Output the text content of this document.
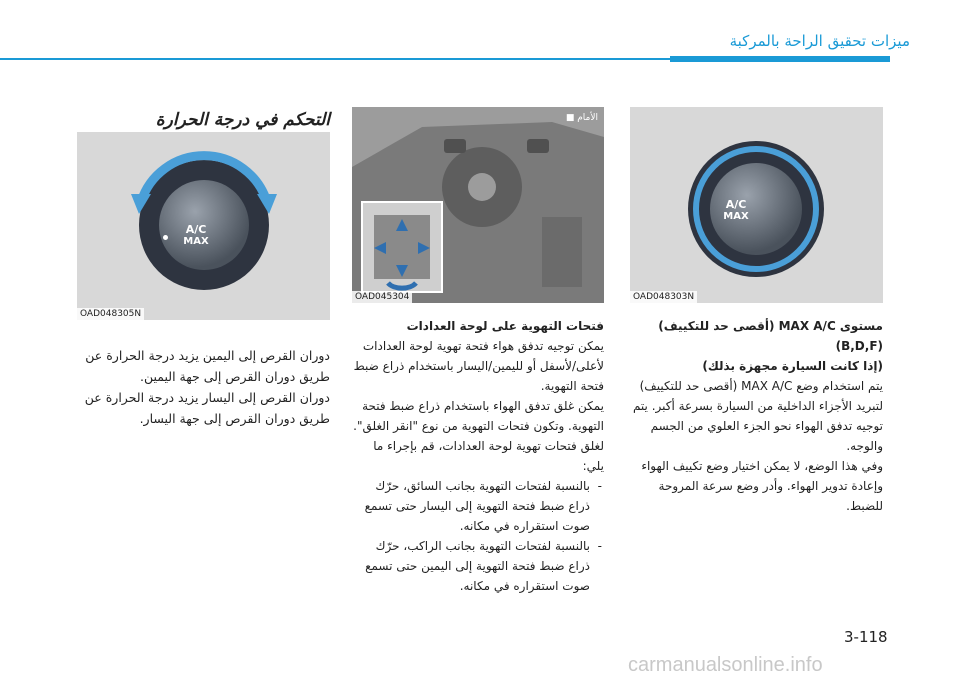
ميزات تحقيق الراحة بالمركبة
التحكم في درجة الحرارة
A/C
MAX
OAD048305N
الأمام ■
OAD045304
A/C
MAX
OAD048303N

دوران القرص إلى اليمين يزيد درجة الحرارة عن طريق دوران القرص إلى جهة اليمين.

دوران القرص إلى اليسار يزيد درجة الحرارة عن طريق دوران القرص إلى جهة اليسار.

فتحات التهوية على لوحة العدادات

يمكن توجيه تدفق هواء فتحة تهوية لوحة العدادات لأعلى/لأسفل أو لليمين/اليسار باستخدام ذراع ضبط فتحة التهوية.

يمكن غلق تدفق الهواء باستخدام ذراع ضبط فتحة التهوية. وتكون فتحات التهوية من نوع "انقر الغلق".

لغلق فتحات تهوية لوحة العدادات، قم بإجراء ما يلي:

- بالنسبة لفتحات التهوية بجانب السائق، حرّك ذراع ضبط فتحة التهوية إلى اليسار حتى تسمع صوت استقراره في مكانه.

- بالنسبة لفتحات التهوية بجانب الراكب، حرّك ذراع ضبط فتحة التهوية إلى اليمين حتى تسمع صوت استقراره في مكانه.

مستوى MAX A/C (أقصى حد للتكييف)(B,D,F)

(إذا كانت السيارة مجهزة بذلك)

يتم استخدام وضع MAX A/C (أقصى حد للتكييف) لتبريد الأجزاء الداخلية من السيارة بسرعة أكبر. يتم توجيه تدفق الهواء نحو الجزء العلوي من الجسم والوجه.

وفي هذا الوضع، لا يمكن اختيار وضع تكييف الهواء وإعادة تدوير الهواء. وأدر وضع سرعة المروحة للضبط.

3-118
carmanualsonline.info
